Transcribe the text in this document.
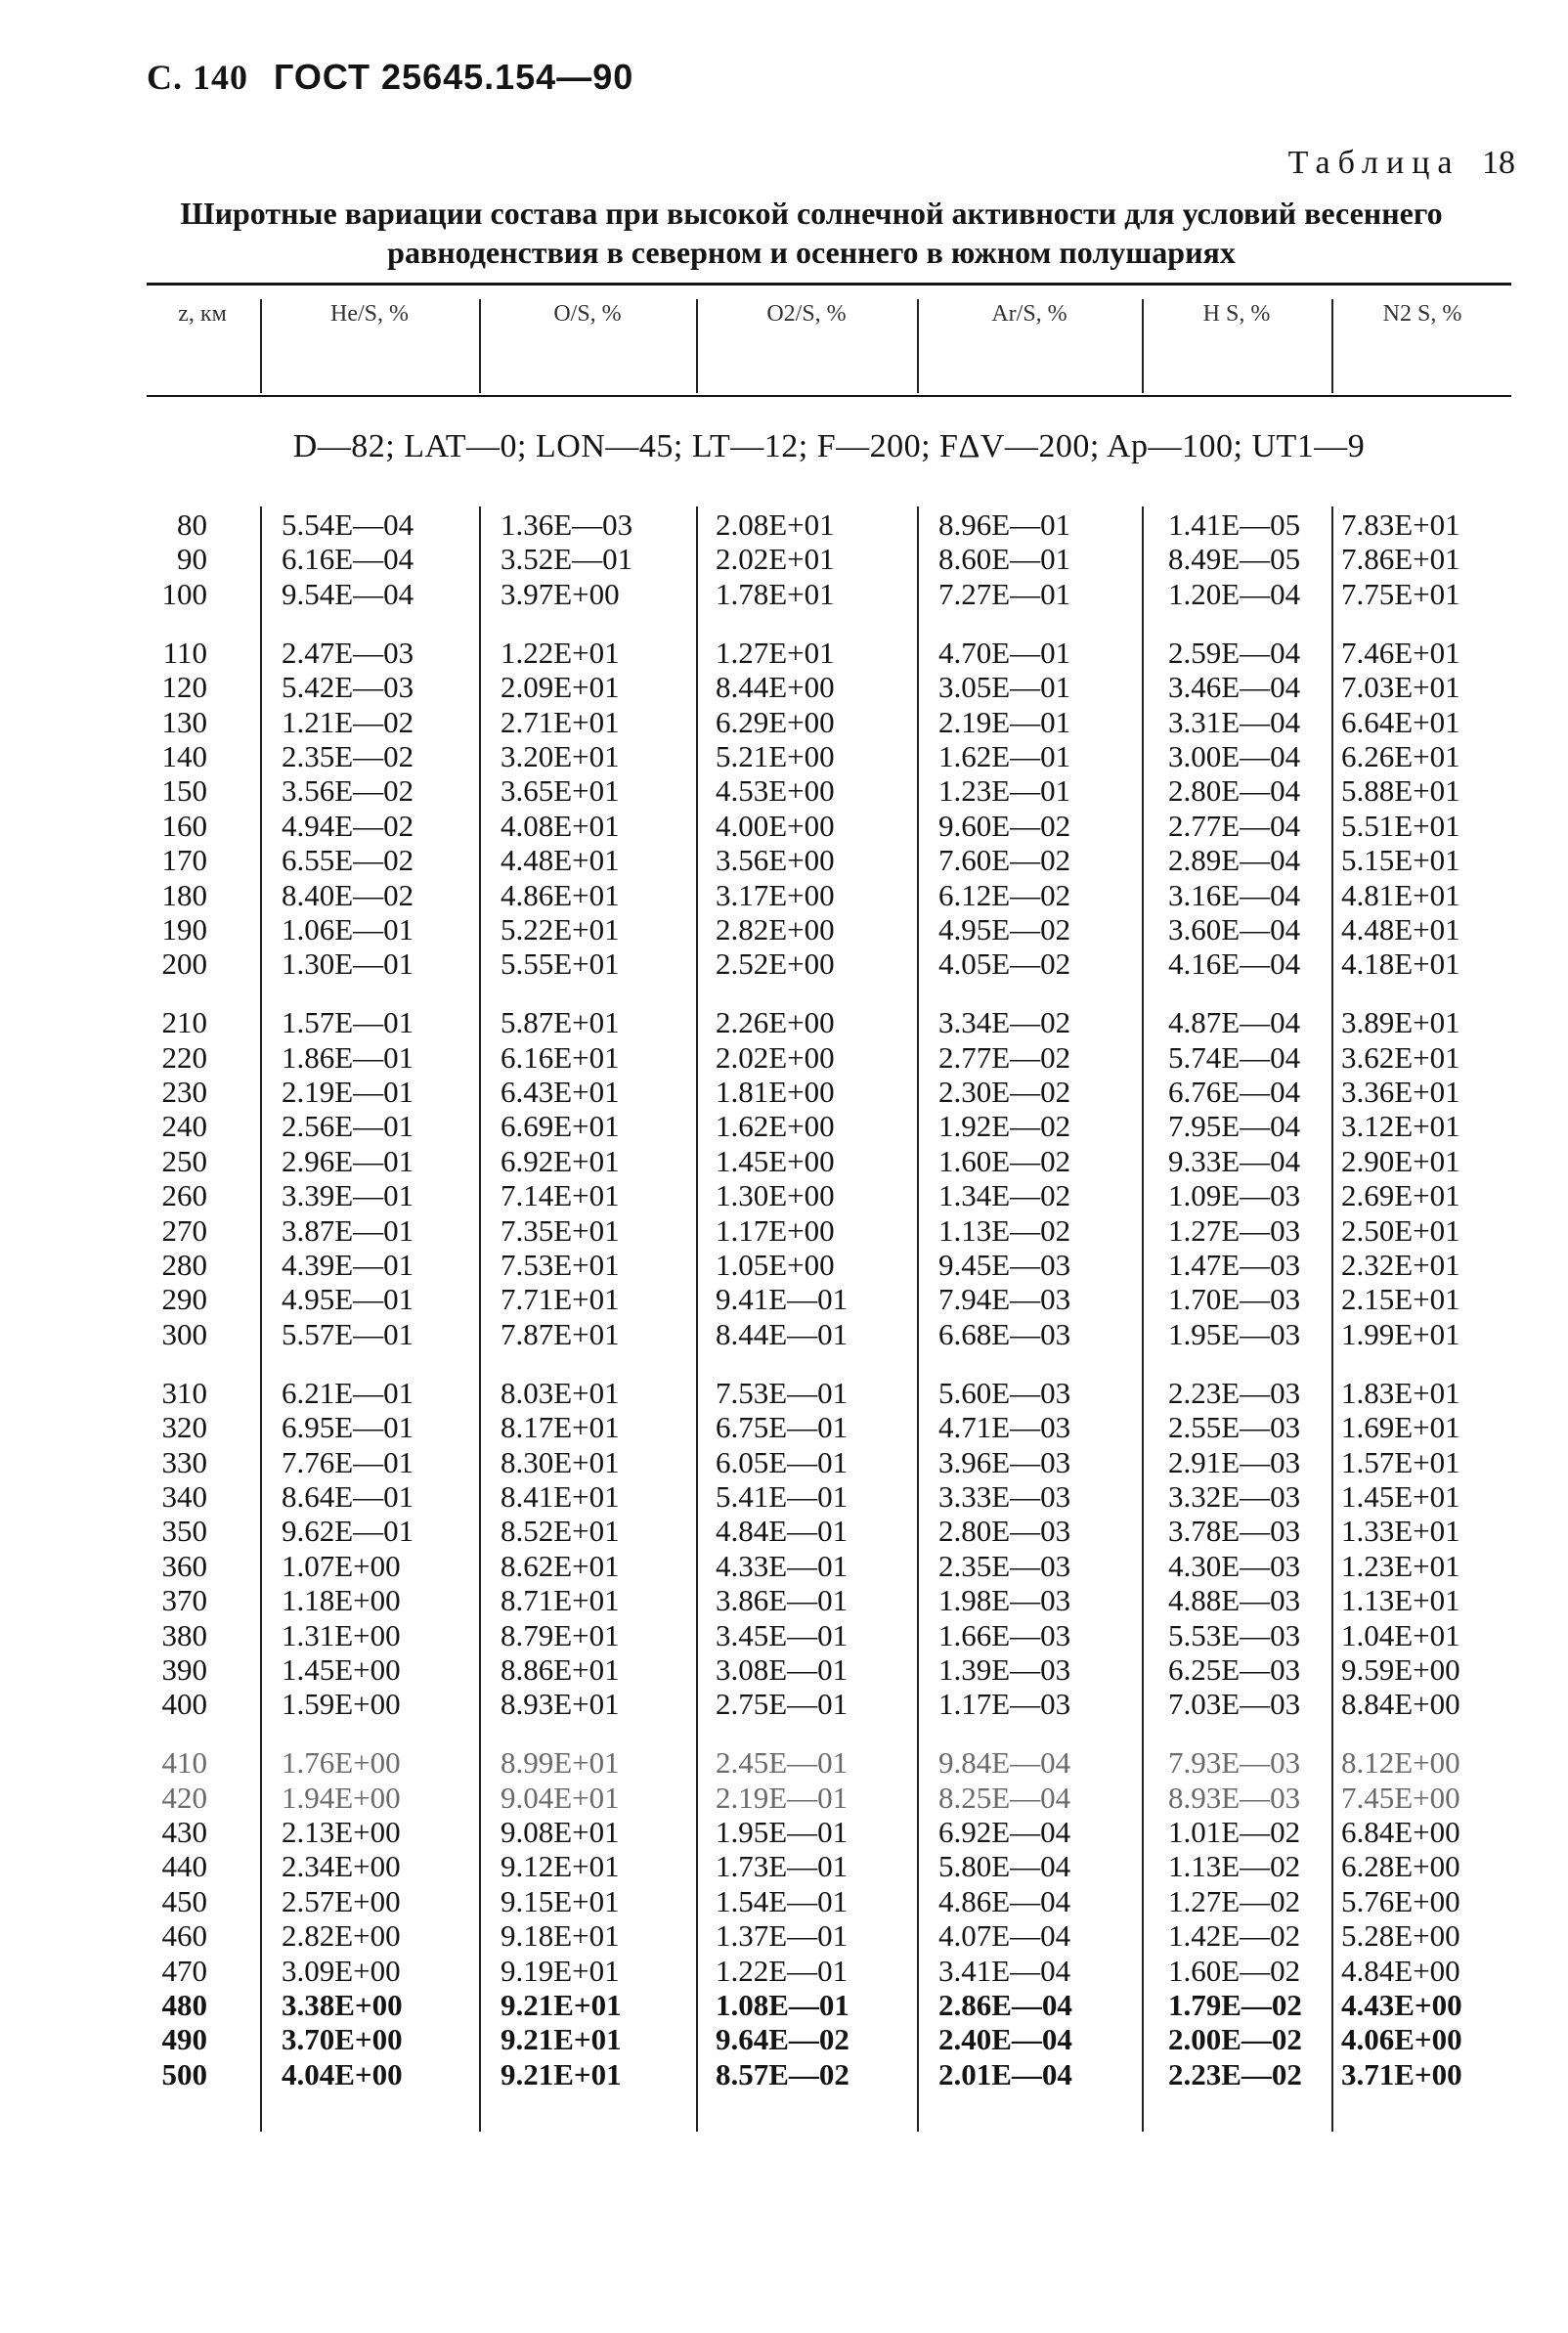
С. 140 ГОСТ 25645.154—90
Таблица 18
Широтные вариации состава при высокой солнечной активности для условий весеннего равноденствия в северном и осеннего в южном полушариях
z, км	He/S, %	O/S, %	O2/S, %	Ar/S, %	H S, %	N2 S, %
D—82; LAT—0; LON—45; LT—12; F—200; FΔV—200; Ap—100; UT1—9
80 5.54E—04	1.36E—03	2.08E+01	8.96E—01	1.41E—05 7.83E+01
90 6.16E—04	3.52E—01	2.02E+01	8.60E—01	8.49E—05 7.86E+01
100 9.54E—04	3.97E+00	1.78E+01	7.27E—01	1.20E—04 7.75E+01
110 2.47E—03	1.22E+01	1.27E+01	4.70E—01	2.59E—04 7.46E+01
120 5.42E—03	2.09E+01	8.44E+00	3.05E—01	3.46E—04 7.03E+01
130 1.21E—02	2.71E+01	6.29E+00	2.19E—01	3.31E—04 6.64E+01
140 2.35E—02	3.20E+01	5.21E+00	1.62E—01	3.00E—04 6.26E+01
150 3.56E—02	3.65E+01	4.53E+00	1.23E—01	2.80E—04 5.88E+01
160 4.94E—02	4.08E+01	4.00E+00	9.60E—02	2.77E—04 5.51E+01
170 6.55E—02	4.48E+01	3.56E+00	7.60E—02	2.89E—04 5.15E+01
180 8.40E—02	4.86E+01	3.17E+00	6.12E—02	3.16E—04 4.81E+01
190 1.06E—01	5.22E+01	2.82E+00	4.95E—02	3.60E—04 4.48E+01
200 1.30E—01	5.55E+01	2.52E+00	4.05E—02	4.16E—04 4.18E+01
210 1.57E—01	5.87E+01	2.26E+00	3.34E—02	4.87E—04 3.89E+01
220 1.86E—01	6.16E+01	2.02E+00	2.77E—02	5.74E—04 3.62E+01
230 2.19E—01	6.43E+01	1.81E+00	2.30E—02	6.76E—04 3.36E+01
240 2.56E—01	6.69E+01	1.62E+00	1.92E—02	7.95E—04 3.12E+01
250 2.96E—01	6.92E+01	1.45E+00	1.60E—02	9.33E—04 2.90E+01
260 3.39E—01	7.14E+01	1.30E+00	1.34E—02	1.09E—03 2.69E+01
270 3.87E—01	7.35E+01	1.17E+00	1.13E—02	1.27E—03 2.50E+01
280 4.39E—01	7.53E+01	1.05E+00	9.45E—03	1.47E—03 2.32E+01
290 4.95E—01	7.71E+01	9.41E—01	7.94E—03	1.70E—03 2.15E+01
300 5.57E—01	7.87E+01	8.44E—01	6.68E—03	1.95E—03 1.99E+01
310 6.21E—01	8.03E+01	7.53E—01	5.60E—03	2.23E—03 1.83E+01
320 6.95E—01	8.17E+01	6.75E—01	4.71E—03	2.55E—03 1.69E+01
330 7.76E—01	8.30E+01	6.05E—01	3.96E—03	2.91E—03 1.57E+01
340 8.64E—01	8.41E+01	5.41E—01	3.33E—03	3.32E—03 1.45E+01
350 9.62E—01	8.52E+01	4.84E—01	2.80E—03	3.78E—03 1.33E+01
360 1.07E+00	8.62E+01	4.33E—01	2.35E—03	4.30E—03 1.23E+01
370 1.18E+00	8.71E+01	3.86E—01	1.98E—03	4.88E—03 1.13E+01
380 1.31E+00	8.79E+01	3.45E—01	1.66E—03	5.53E—03 1.04E+01
390 1.45E+00	8.86E+01	3.08E—01	1.39E—03	6.25E—03 9.59E+00
400 1.59E+00	8.93E+01	2.75E—01	1.17E—03	7.03E—03 8.84E+00
410 1.76E+00	8.99E+01	2.45E—01	9.84E—04	7.93E—03 8.12E+00
420 1.94E+00	9.04E+01	2.19E—01	8.25E—04	8.93E—03 7.45E+00
430 2.13E+00	9.08E+01	1.95E—01	6.92E—04	1.01E—02 6.84E+00
440 2.34E+00	9.12E+01	1.73E—01	5.80E—04	1.13E—02 6.28E+00
450 2.57E+00	9.15E+01	1.54E—01	4.86E—04	1.27E—02 5.76E+00
460 2.82E+00	9.18E+01	1.37E—01	4.07E—04	1.42E—02 5.28E+00
470 3.09E+00	9.19E+01	1.22E—01	3.41E—04	1.60E—02 4.84E+00
480 3.38E+00	9.21E+01	1.08E—01	2.86E—04	1.79E—02 4.43E+00
490 3.70E+00	9.21E+01	9.64E—02	2.40E—04	2.00E—02 4.06E+00
500 4.04E+00	9.21E+01	8.57E—02	2.01E—04	2.23E—02 3.71E+00
